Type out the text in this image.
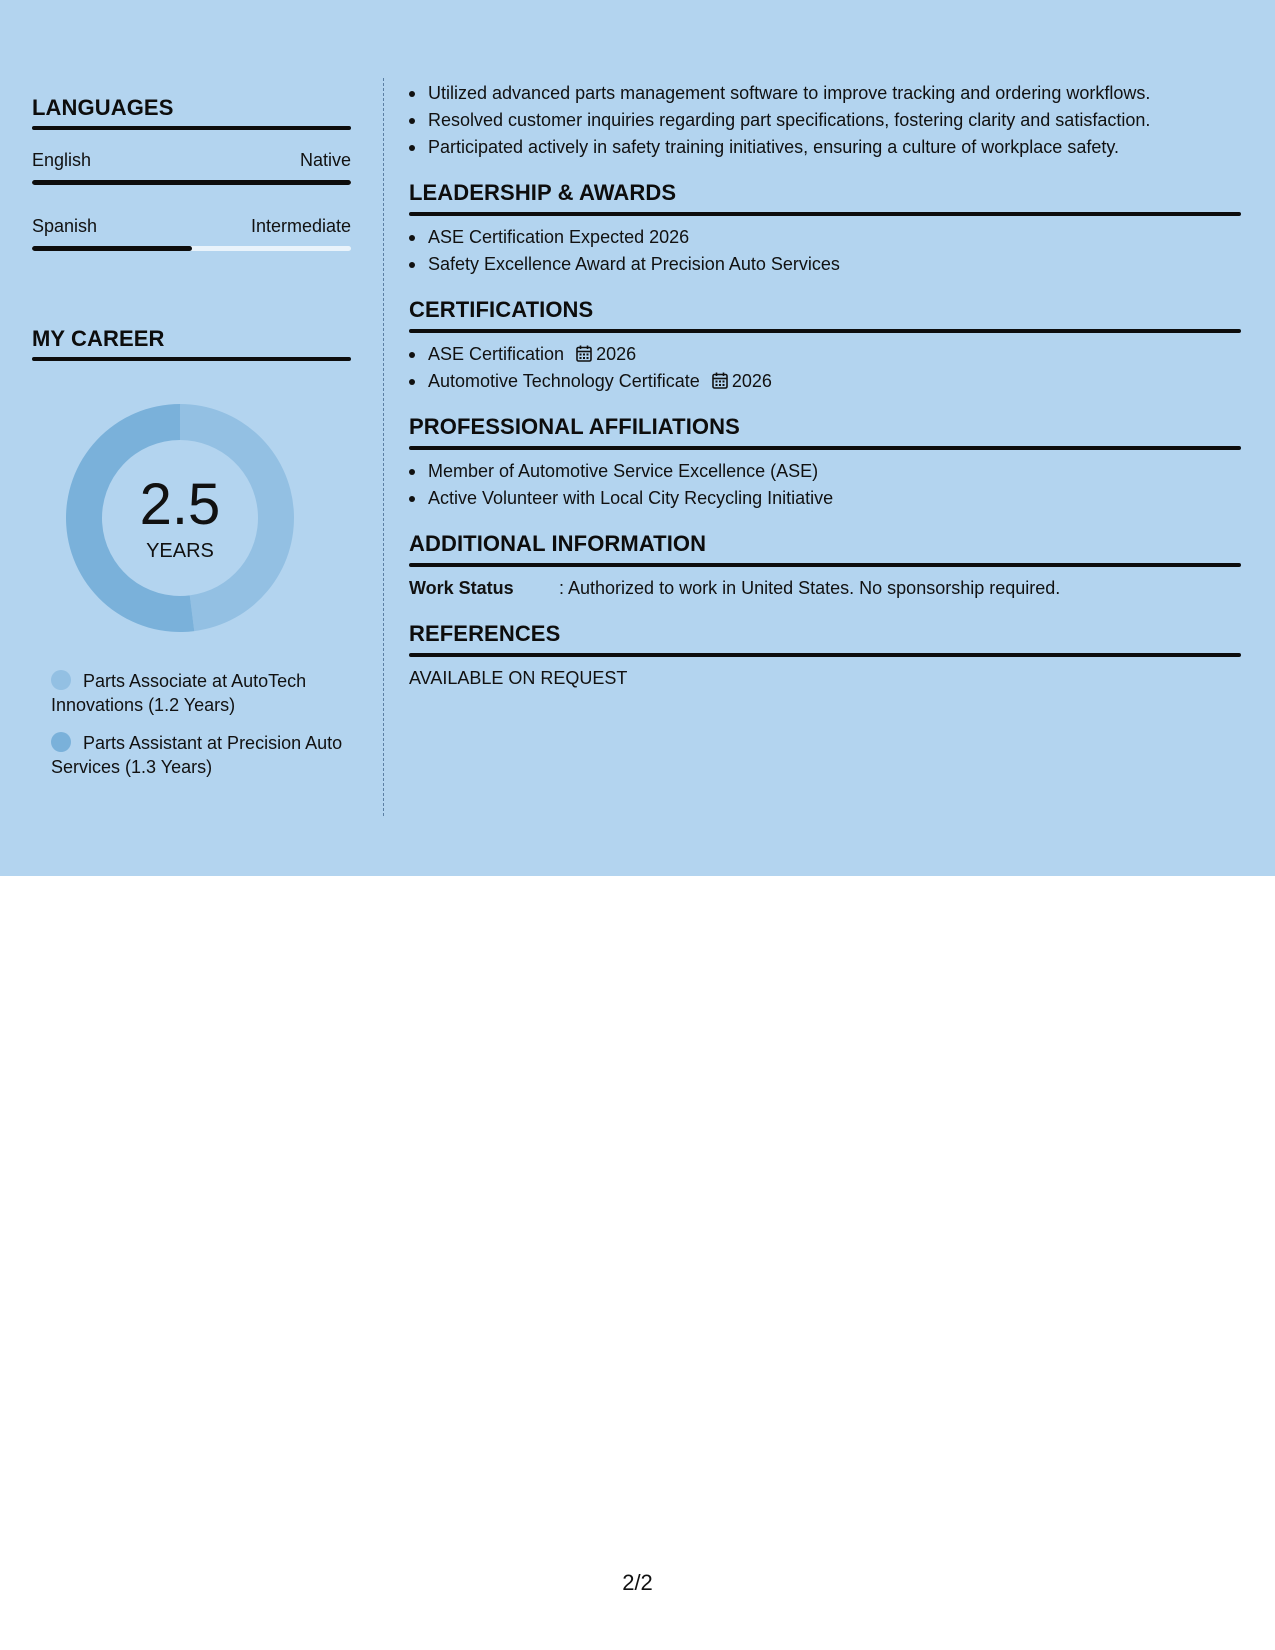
LANGUAGES
English	Native
Spanish	Intermediate
MY CAREER
2.5
YEARS
Parts Associate at AutoTech Innovations (1.2 Years)
Parts Assistant at Precision Auto Services (1.3 Years)
Utilized advanced parts management software to improve tracking and ordering workflows.
Resolved customer inquiries regarding part specifications, fostering clarity and satisfaction.
Participated actively in safety training initiatives, ensuring a culture of workplace safety.
LEADERSHIP & AWARDS
ASE Certification Expected 2026
Safety Excellence Award at Precision Auto Services
CERTIFICATIONS
ASE Certification 2026
Automotive Technology Certificate 2026
PROFESSIONAL AFFILIATIONS
Member of Automotive Service Excellence (ASE)
Active Volunteer with Local City Recycling Initiative
ADDITIONAL INFORMATION
Work Status	: Authorized to work in United States. No sponsorship required.
REFERENCES
AVAILABLE ON REQUEST
2/2
